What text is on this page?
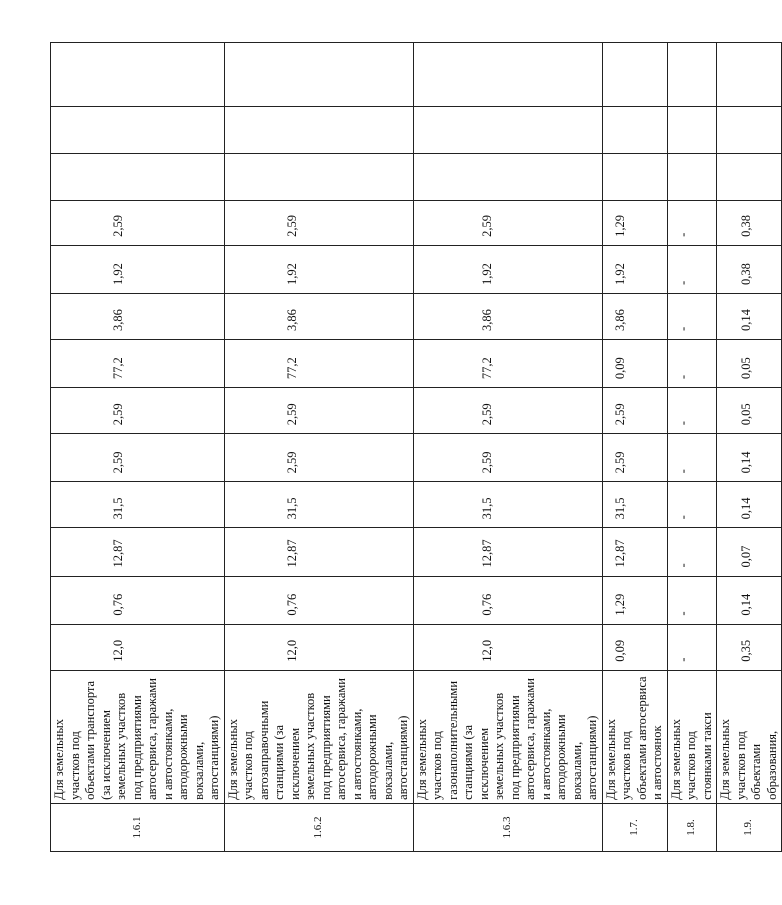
1.6.1	Для земельных участков под объектами транспорта (за исключением земельных участков под предприятиями автосервиса, гаражами и автостоянками, автодорожными вокзалами, автостанциями)	12,0	0,76	12,87	31,5	2,59	2,59	77,2	3,86	1,92	2,59			

1.6.2	Для земельных участков под автозаправочными станциями (за исключением земельных участков под предприятиями автосервиса, гаражами и автостоянками, автодорожными вокзалами, автостанциями)	12,0	0,76	12,87	31,5	2,59	2,59	77,2	3,86	1,92	2,59			

1.6.3	Для земельных участков под газонаполнительными станциями (за исключением земельных участков под предприятиями автосервиса, гаражами и автостоянками, автодорожными вокзалами, автостанциями)	12,0	0,76	12,87	31,5	2,59	2,59	77,2	3,86	1,92	2,59			

1.7.	Для земельных участков под объектами автосервиса и автостоянок	0,09	1,29	12,87	31,5	2,59	2,59	0,09	3,86	1,92	1,29			

1.8.	Для земельных участков под стоянками такси	-	-	-	-	-	-	-	-	-	-			

1.9.	Для земельных участков под объектами образования,	0,35	0,14	0,07	0,14	0,14	0,05	0,05	0,14	0,38	0,38			
